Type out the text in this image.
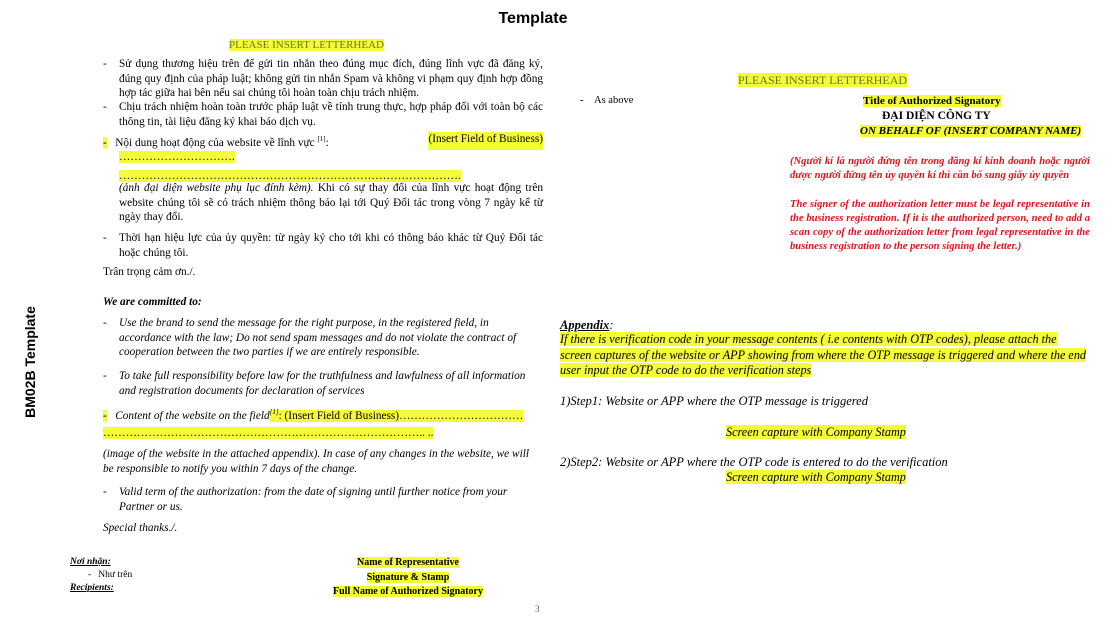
Template
BM02B Template
PLEASE INSERT LETTERHEAD
- Sử dụng thương hiệu trên để gửi tin nhắn theo đúng mục đích, đúng lĩnh vực đã đăng ký, đúng quy định của pháp luật; không gửi tin nhắn Spam và không vi phạm quy định hợp đồng hợp tác giữa hai bên nếu sai chúng tôi hoàn toàn chịu trách nhiệm.
- Chịu trách nhiệm hoàn toàn trước pháp luật về tính trung thực, hợp pháp đối với toàn bộ các thông tin, tài liệu đăng ký khai báo dịch vụ.
- Nội dung hoạt động của website về lĩnh vực [1]:	(Insert Field of Business)
………………………….
……………………………………………………………………………….
(ảnh đại diện website phụ lục đính kèm). Khi có sự thay đổi của lĩnh vực hoạt động trên website chúng tôi sẽ có trách nhiệm thông báo lại tới Quý Đối tác trong vòng 7 ngày kể từ ngày thay đổi.
- Thời hạn hiệu lực của ủy quyền: từ ngày ký cho tới khi có thông báo khác từ Quý Đối tác hoặc chúng tôi.
Trân trọng cảm ơn./.
We are committed to:
- Use the brand to send the message for the right purpose, in the registered field, in accordance with the law; Do not send spam messages and do not violate the contract of cooperation between the two parties if we are entirely responsible.
- To take full responsibility before law for the truthfulness and lawfulness of all information and registration documents for declaration of services
- Content of the website on the field[1]: (Insert Field of Business)……………………………
………………………………………………………………………….. ..
(image of the website in the attached appendix). In case of any changes in the website, we will be responsible to notify you within 7 days of the change.
- Valid term of the authorization: from the date of signing until further notice from your Partner or us.
Special thanks./.
Nơi nhận:
-   Như trên
Recipients:
Name of Representative
Signature & Stamp
Full Name of Authorized Signatory
3
PLEASE INSERT LETTERHEAD
-    As above	Title of Authorized Signatory
ĐẠI DIỆN CÔNG TY
ON BEHALF OF (INSERT COMPANY NAME)
(Người kí là người đứng tên trong đăng kí kinh doanh hoặc người được người đứng tên ủy quyền kí thì cần bổ sung giấy ủy quyền
The signer of the authorization letter must be legal representative in the business registration. If it is the authorized person, need to add a scan copy of the authorization letter from legal representative in the business registration to the person signing the letter.)
Appendix:
If there is verification code in your message contents ( i.e contents with OTP codes), please attach the screen captures of the website or APP showing from where the OTP message is triggered and where the end user input the OTP code to do the verification steps
1)Step1: Website or APP where the OTP message is triggered
Screen capture with Company Stamp
2)Step2: Website or APP where the OTP code is entered to do the verification
Screen capture with Company Stamp
